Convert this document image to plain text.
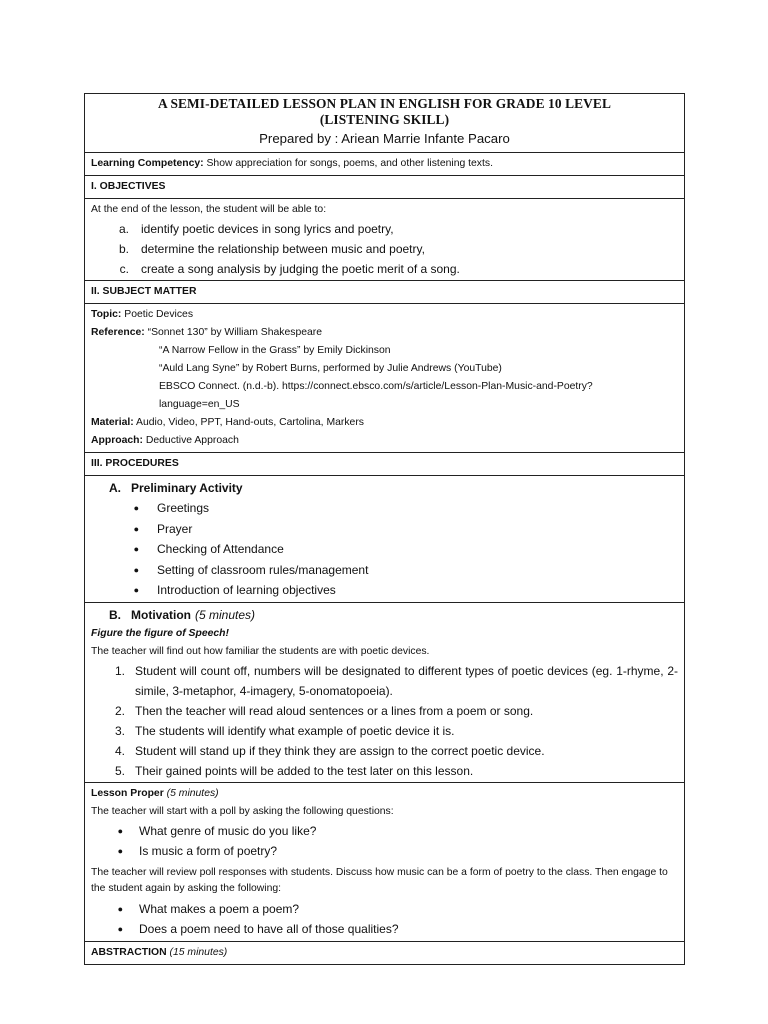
A SEMI-DETAILED LESSON PLAN IN ENGLISH FOR GRADE 10 LEVEL
(LISTENING SKILL)
Prepared by : Ariean Marrie Infante Pacaro
Learning Competency: Show appreciation for songs, poems, and other listening texts.
I. OBJECTIVES
At the end of the lesson, the student will be able to:
a.	identify poetic devices in song lyrics and poetry,
b.	determine the relationship between music and poetry,
c.	create a song analysis by judging the poetic merit of a song.
II. SUBJECT MATTER
Topic: Poetic Devices
Reference: “Sonnet 130” by William Shakespeare
“A Narrow Fellow in the Grass” by Emily Dickinson
“Auld Lang Syne” by Robert Burns, performed by Julie Andrews (YouTube)
EBSCO Connect. (n.d.-b). https://connect.ebsco.com/s/article/Lesson-Plan-Music-and-Poetry?
language=en_US
Material: Audio, Video, PPT, Hand-outs, Cartolina, Markers
Approach: Deductive Approach
III. PROCEDURES
A. Preliminary Activity
●	Greetings
●	Prayer
●	Checking of Attendance
●	Setting of classroom rules/management
●	Introduction of learning objectives
B. Motivation (5 minutes)
Figure the figure of Speech!
The teacher will find out how familiar the students are with poetic devices.
1. Student will count off, numbers will be designated to different types of poetic devices (eg. 1-rhyme, 2-simile, 3-metaphor, 4-imagery, 5-onomatopoeia).
2. Then the teacher will read aloud sentences or a lines from a poem or song.
3. The students will identify what example of poetic device it is.
4. Student will stand up if they think they are assign to the correct poetic device.
5. Their gained points will be added to the test later on this lesson.
Lesson Proper (5 minutes)
The teacher will start with a poll by asking the following questions:
●	What genre of music do you like?
●	Is music a form of poetry?
The teacher will review poll responses with students. Discuss how music can be a form of poetry to the class. Then engage to the student again by asking the following:
●	What makes a poem a poem?
●	Does a poem need to have all of those qualities?
ABSTRACTION (15 minutes)
